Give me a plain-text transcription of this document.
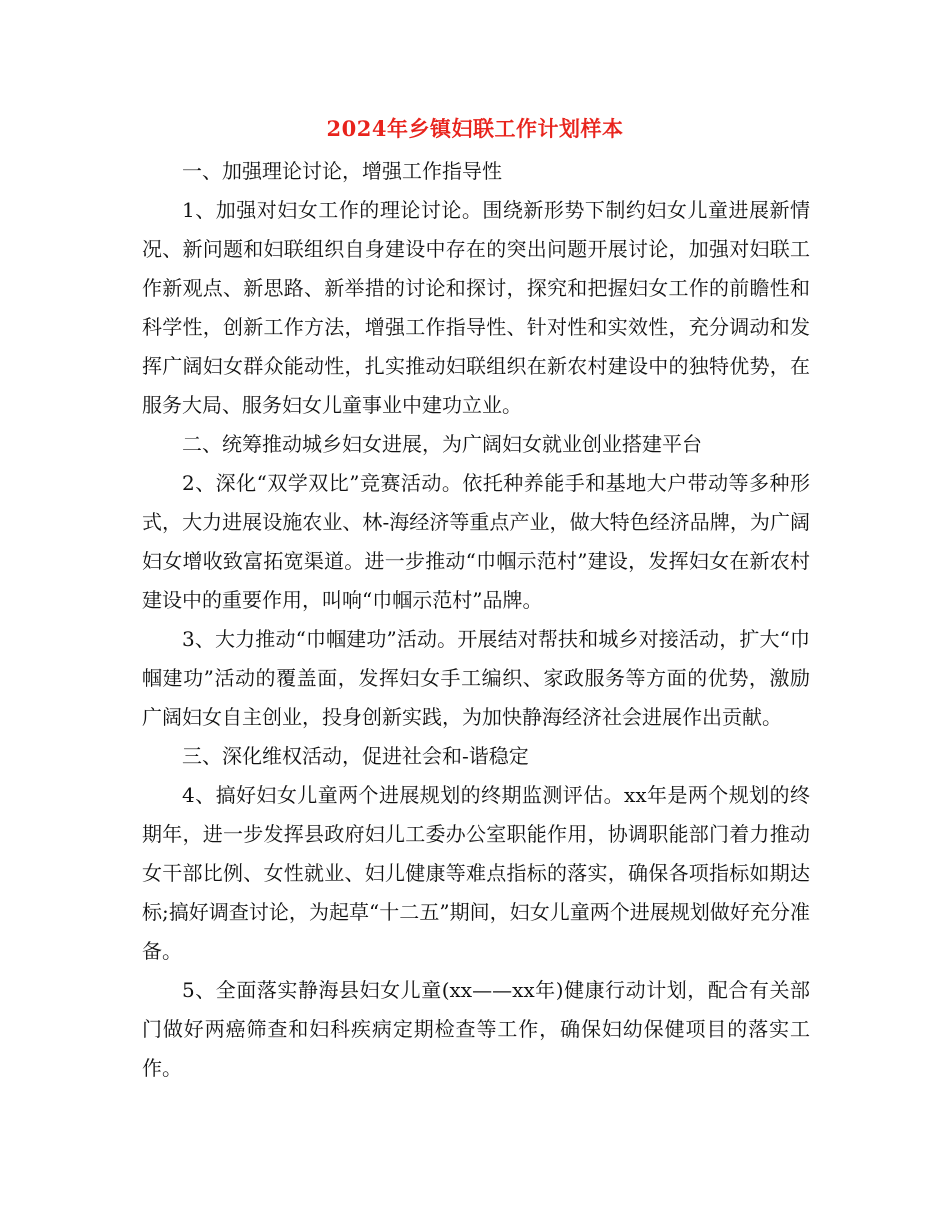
2024年乡镇妇联工作计划样本

一、加强理论讨论，增强工作指导性

1、加强对妇女工作的理论讨论。围绕新形势下制约妇女儿童进展新情况、新问题和妇联组织自身建设中存在的突出问题开展讨论，加强对妇联工作新观点、新思路、新举措的讨论和探讨，探究和把握妇女工作的前瞻性和科学性，创新工作方法，增强工作指导性、针对性和实效性，充分调动和发挥广阔妇女群众能动性，扎实推动妇联组织在新农村建设中的独特优势，在服务大局、服务妇女儿童事业中建功立业。

二、统筹推动城乡妇女进展，为广阔妇女就业创业搭建平台

2、深化“双学双比”竞赛活动。依托种养能手和基地大户带动等多种形式，大力进展设施农业、林-海经济等重点产业，做大特色经济品牌，为广阔妇女增收致富拓宽渠道。进一步推动“巾帼示范村”建设，发挥妇女在新农村建设中的重要作用，叫响“巾帼示范村”品牌。

3、大力推动“巾帼建功”活动。开展结对帮扶和城乡对接活动，扩大“巾帼建功”活动的覆盖面，发挥妇女手工编织、家政服务等方面的优势，激励广阔妇女自主创业，投身创新实践，为加快静海经济社会进展作出贡献。

三、深化维权活动，促进社会和-谐稳定

4、搞好妇女儿童两个进展规划的终期监测评估。xx年是两个规划的终期年，进一步发挥县政府妇儿工委办公室职能作用，协调职能部门着力推动女干部比例、女性就业、妇儿健康等难点指标的落实，确保各项指标如期达标;搞好调查讨论，为起草“十二五”期间，妇女儿童两个进展规划做好充分准备。

5、全面落实静海县妇女儿童(xx——xx年)健康行动计划，配合有关部门做好两癌筛查和妇科疾病定期检查等工作，确保妇幼保健项目的落实工作。
